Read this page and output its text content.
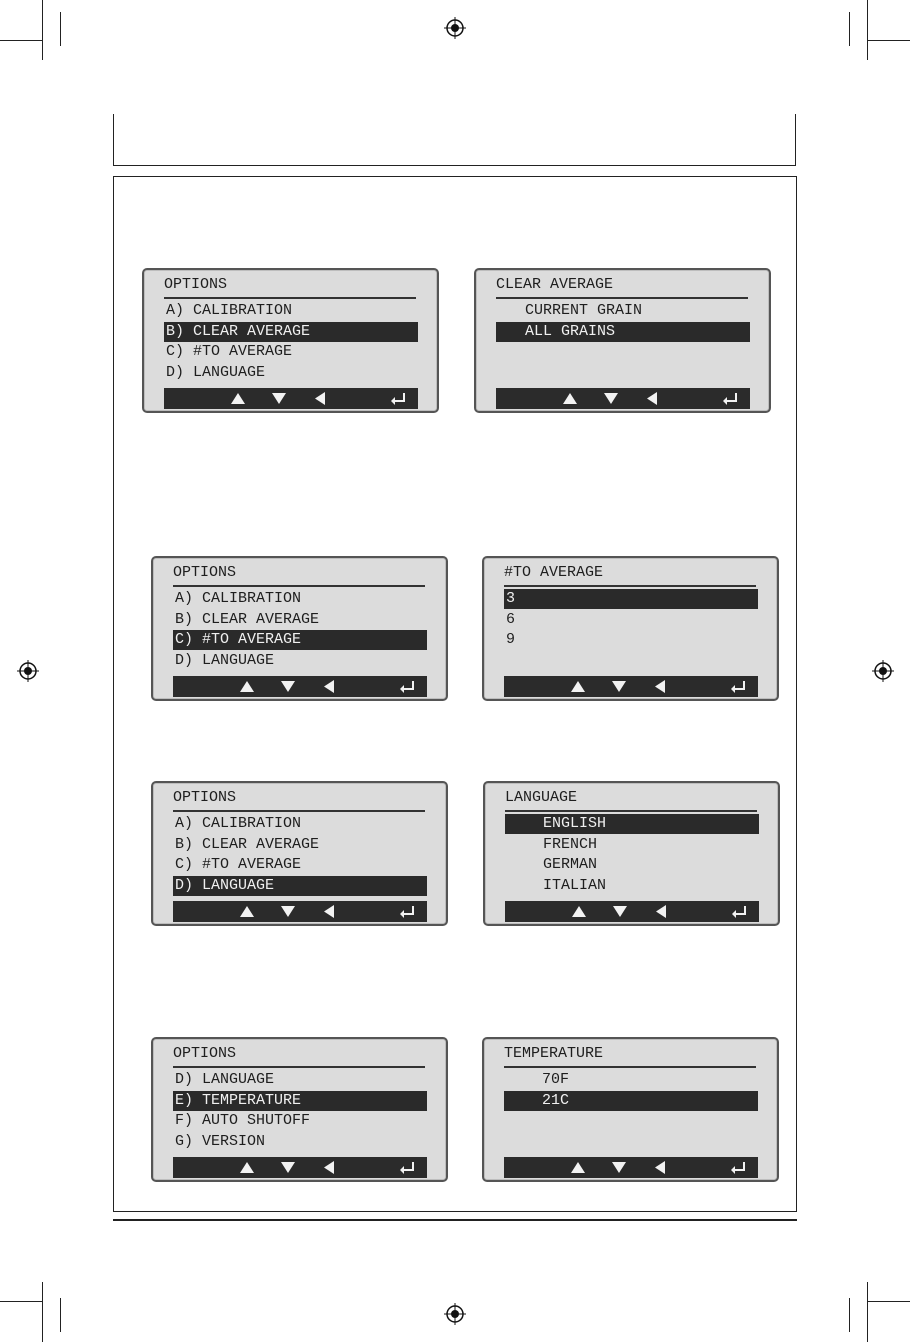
OPTIONS
A) CALIBRATION
B) CLEAR AVERAGE
C) #TO AVERAGE
D) LANGUAGE
CLEAR AVERAGE
CURRENT GRAIN
ALL GRAINS
OPTIONS
A) CALIBRATION
B) CLEAR AVERAGE
C) #TO AVERAGE
D) LANGUAGE
#TO AVERAGE
3
6
9
OPTIONS
A) CALIBRATION
B) CLEAR AVERAGE
C) #TO AVERAGE
D) LANGUAGE
LANGUAGE
ENGLISH
FRENCH
GERMAN
ITALIAN
OPTIONS
D) LANGUAGE
E) TEMPERATURE
F) AUTO SHUTOFF
G) VERSION
TEMPERATURE
70F
21C
